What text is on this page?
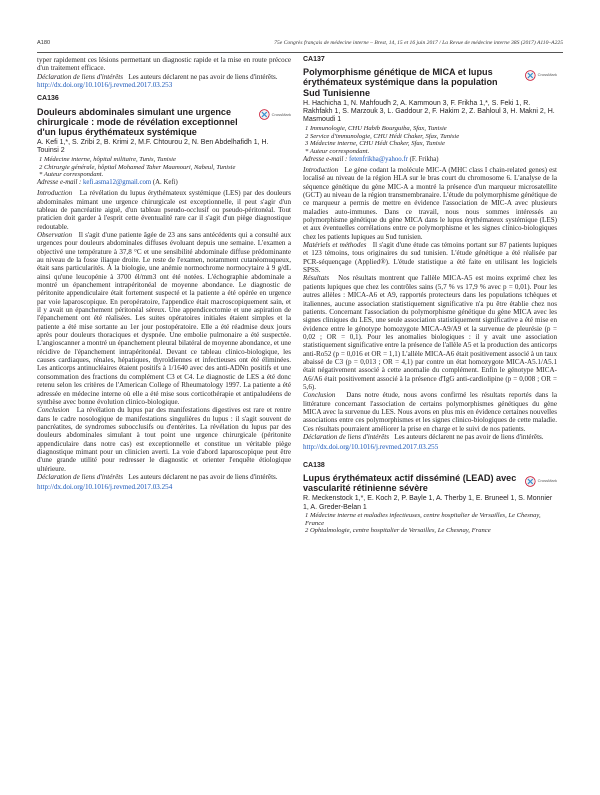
A180	75e Congrès français de médecine interne – Brest, 14, 15 et 16 juin 2017 / La Revue de médecine interne 38S (2017) A110–A225

typer rapidement ces lésions permettant un diagnostic rapide et la mise en route précoce d'un traitement efficace.

Déclaration de liens d'intérêts Les auteurs déclarent ne pas avoir de liens d'intérêts.

http://dx.doi.org/10.1016/j.revmed.2017.03.253

CA136
Douleurs abdominales simulant une urgence chirurgicale : mode de révélation exceptionnel d'un lupus érythémateux systémique
CrossMark
A. Kefi 1,*, S. Zribi 2, B. Krimi 2, M.F. Chtourou 2, N. Ben Abdelhafidh 1, H. Touinsi 2
1 Médecine interne, hôpital militaire, Tunis, Tunisie
2 Chirurgie générale, hôpital Mohamed Taher Maamouri, Nabeul, Tunisie
* Auteur correspondant.
Adresse e-mail : kefi.asma12@gmail.com (A. Kefi)

Introduction La révélation du lupus érythémateux systémique (LES) par des douleurs abdominales mimant une urgence chirurgicale est exceptionnelle, il peut s'agir d'un tableau de pancréatite aiguë, d'un tableau pseudo-occlusif ou pseudo-péritonéal. Tout praticien doit garder à l'esprit cette éventualité rare car il s'agit d'un piège diagnostique redoutable.

Observation Il s'agit d'une patiente âgée de 23 ans sans antécédents qui a consulté aux urgences pour douleurs abdominales diffuses évoluant depuis une semaine. L'examen a objectivé une température à 37,8 °C et une sensibilité abdominale diffuse prédominante au niveau de la fosse iliaque droite. Le reste de l'examen, notamment cutanéomuqueux, était sans particularités. À la biologie, une anémie normochrome normocytaire à 9 g/dL ainsi qu'une leucopénie à 3700 él/mm3 ont été notées. L'échographie abdominale a montré un épanchement intrapéritonéal de moyenne abondance. Le diagnostic de péritonite appendiculaire était fortement suspecté et la patiente a été opérée en urgence par voie laparoscopique. En peropératoire, l'appendice était macroscopiquement sain, et il y avait un épanchement péritonéal séreux. Une appendicectomie et une aspiration de l'épanchement ont été réalisées. Les suites opératoires initiales étaient simples et la patiente a été mise sortante au 1er jour postopératoire. Elle a été réadmise deux jours après pour douleurs thoraciques et dyspnée. Une embolie pulmonaire a été suspectée. L'angioscanner a montré un épanchement pleural bilatéral de moyenne abondance, et une récidive de l'épanchement intrapéritonéal. Devant ce tableau clinico-biologique, les causes cardiaques, rénales, hépatiques, thyroïdiennes et infectieuses ont été éliminées. Les anticorps antinucléaires étaient positifs à 1/1640 avec des anti-ADNn positifs et une consommation des fractions du complément C3 et C4. Le diagnostic de LES a été donc retenu selon les critères de l'American College of Rheumatology 1997. La patiente a été adressée en médecine interne où elle a été mise sous corticothérapie et antipaludéens de synthèse avec bonne évolution clinico-biologique.

Conclusion La révélation du lupus par des manifestations digestives est rare et rentre dans le cadre nosologique de manifestations singulières du lupus : il s'agit souvent de pancréatites, de syndromes subocclusifs ou d'entérites. La révélation du lupus par des douleurs abdominales simulant à tout point une urgence chirurgicale (péritonite appendiculaire dans notre cas) est exceptionnelle et constitue un véritable piège diagnostique mimant pour un clinicien averti. La voie d'abord laparoscopique peut être d'une grande utilité pour redresser le diagnostic et orienter l'enquête étiologique ultérieure.

Déclaration de liens d'intérêts Les auteurs déclarent ne pas avoir de liens d'intérêts.

http://dx.doi.org/10.1016/j.revmed.2017.03.254

CA137
Polymorphisme génétique de MICA et lupus érythémateux systémique dans la population Sud Tunisienne
CrossMark
H. Hachicha 1, N. Mahfoudh 2, A. Kammoun 3, F. Frikha 1,*, S. Feki 1, R. Rakhfakh 1, S. Marzouk 3, L. Gaddour 2, F. Hakim 2, Z. Bahloul 3, H. Makni 2, H. Masmoudi 1
1 Immunologie, CHU Habib Bourguiba, Sfax, Tunisie
2 Service d'immunologie, CHU Hédi Chaker, Sfax, Tunisie
3 Médecine interne, CHU Hédi Chaker, Sfax, Tunisie
* Auteur correspondant.
Adresse e-mail : fetenfrikha@yahoo.fr (F. Frikha)

Introduction Le gène codant la molécule MIC-A (MHC class I chain-related genes) est localisé au niveau de la région HLA sur le bras court du chromosome 6. L'analyse de la séquence génétique du gène MIC-A a montré la présence d'un marqueur microsatellite (GCT) au niveau de la région transmembranaire. L'étude du polymorphisme génétique de ce marqueur a permis de mettre en évidence l'association de MIC-A avec plusieurs maladies auto-immunes. Dans ce travail, nous nous sommes intéressés au polymorphisme génétique du gène MICA dans le lupus érythémateux systémique (LES) et aux éventuelles corrélations entre ce polymorphisme et les signes clinico-biologiques chez les patients lupiques au Sud tunisien.

Matériels et méthodes Il s'agit d'une étude cas témoins portant sur 87 patients lupiques et 123 témoins, tous originaires du sud tunisien. L'étude génétique a été réalisée par PCR-séquençage (Applied®). L'étude statistique a été faite en utilisant les logiciels SPSS.

Résultats Nos résultats montrent que l'allèle MICA-A5 est moins exprimé chez les patients lupiques que chez les contrôles sains (5,7 % vs 17,9 % avec p = 0,01). Pour les autres allèles : MICA-A6 et A9, rapportés protecteurs dans les populations tchèques et italiennes, aucune association statistiquement significative n'a pu être établie chez nos patients. Concernant l'association du polymorphisme génétique du gène MICA avec les signes cliniques du LES, une seule association statistiquement significative a été mise en évidence entre le génotype homozygote MICA-A9/A9 et la survenue de pleurésie (p = 0,02 ; OR = 0,1). Pour les anomalies biologiques : il y avait une association statistiquement significative entre la présence de l'allèle A5 et la production des anticorps anti-Ro52 (p = 0,016 et OR = 1,1) L'allèle MICA-A6 était positivement associé à un taux abaissé de C3 (p = 0,013 ; OR = 4,1) par contre un état homozygote MICA-A5.1/A5.1 était négativement associé à cette anomalie du complément. Enfin le génotype MICA-A6/A6 était positivement associé à la présence d'IgG anti-cardiolipine (p = 0,008 ; OR = 5,6).

Conclusion Dans notre étude, nous avons confirmé les résultats reportés dans la littérature concernant l'association de certains polymorphismes génétiques du gène MICA avec la survenue du LES. Nous avons en plus mis en évidence certaines nouvelles associations entre ces polymorphismes et les signes clinico-biologiques de cette maladie. Ces résultats pourraient améliorer la prise en charge et le suivi de nos patients.

Déclaration de liens d'intérêts Les auteurs déclarent ne pas avoir de liens d'intérêts.

http://dx.doi.org/10.1016/j.revmed.2017.03.255

CA138
Lupus érythémateux actif disséminé (LEAD) avec vascularité rétinienne sévère
CrossMark
R. Meckenstock 1,*, E. Koch 2, P. Bayle 1, A. Therby 1, E. Bruneel 1, S. Monnier 1, A. Greder-Belan 1
1 Médecine interne et maladies infectieuses, centre hospitalier de Versailles, Le Chesnay, France
2 Ophtalmologie, centre hospitalier de Versailles, Le Chesnay, France
